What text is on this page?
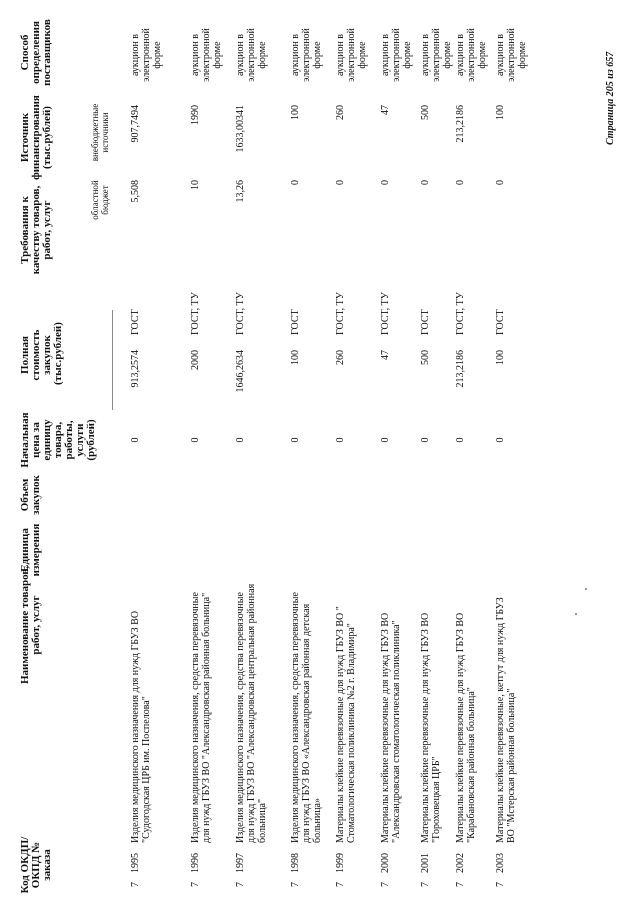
Код ОКДП/ ОКПД № заказа
Наименование товаров, работ, услуг
Единица измерения
Объем закупок
Начальная цена за единицу товара, работы, услуги (рублей)
Полная стоимость закупок (тыс.рублей)
Требования к качеству товаров, работ, услуг
Источник финансирования (тыс.рублей)
областной бюджет
внебюджетные источники
Способ определения поставщиков
7
1995
Изделия медицинского назначения для нужд ГБУЗ ВО "Судогодская ЦРБ им. Поспелова"
0
913,2574
ГОСТ
5,508
907,7494
аукцион в электронной форме
7
1996
Изделия медицинского назначения, средства перевязочные для нужд ГБУЗ ВО "Александровская районная больница"
0
2000
ГОСТ, ТУ
10
1990
аукцион в электронной форме
7
1997
Изделия медицинского назначения, средства перевязочные для нужд ГБУЗ ВО "Александровская центральная районная больница"
0
1646,2634
ГОСТ, ТУ
13,26
1633,00341
аукцион в электронной форме
7
1998
Изделия медицинского назначения, средства перевязочные для нужд ГБУЗ ВО «Александровская районная детская больница»
0
100
ГОСТ
0
100
аукцион в электронной форме
7
1999
Материалы клейкие перевязочные для нужд ГБУЗ ВО " Стоматологическая поликлиника №2 г. Владимира"
0
260
ГОСТ, ТУ
0
260
аукцион в электронной форме
7
2000
Материалы клейкие перевязочные для нужд ГБУЗ ВО "Александровская стоматологическая поликлиника"
0
47
ГОСТ, ТУ
0
47
аукцион в электронной форме
7
2001
Материалы клейкие перевязочные для нужд ГБУЗ ВО "Гороховецкая ЦРБ"
0
500
ГОСТ
0
500
аукцион в электронной форме
7
2002
Материалы клейкие перевязочные для нужд ГБУЗ ВО "Карабановская районная больница"
0
213,2186
ГОСТ, ТУ
0
213,2186
аукцион в электронной форме
7
2003
Материалы клейкие перевязочные, кетгут для нужд ГБУЗ ВО "Мстерская районная больница"
0
100
ГОСТ
0
100
аукцион в электронной форме	Страница 205 из 657
